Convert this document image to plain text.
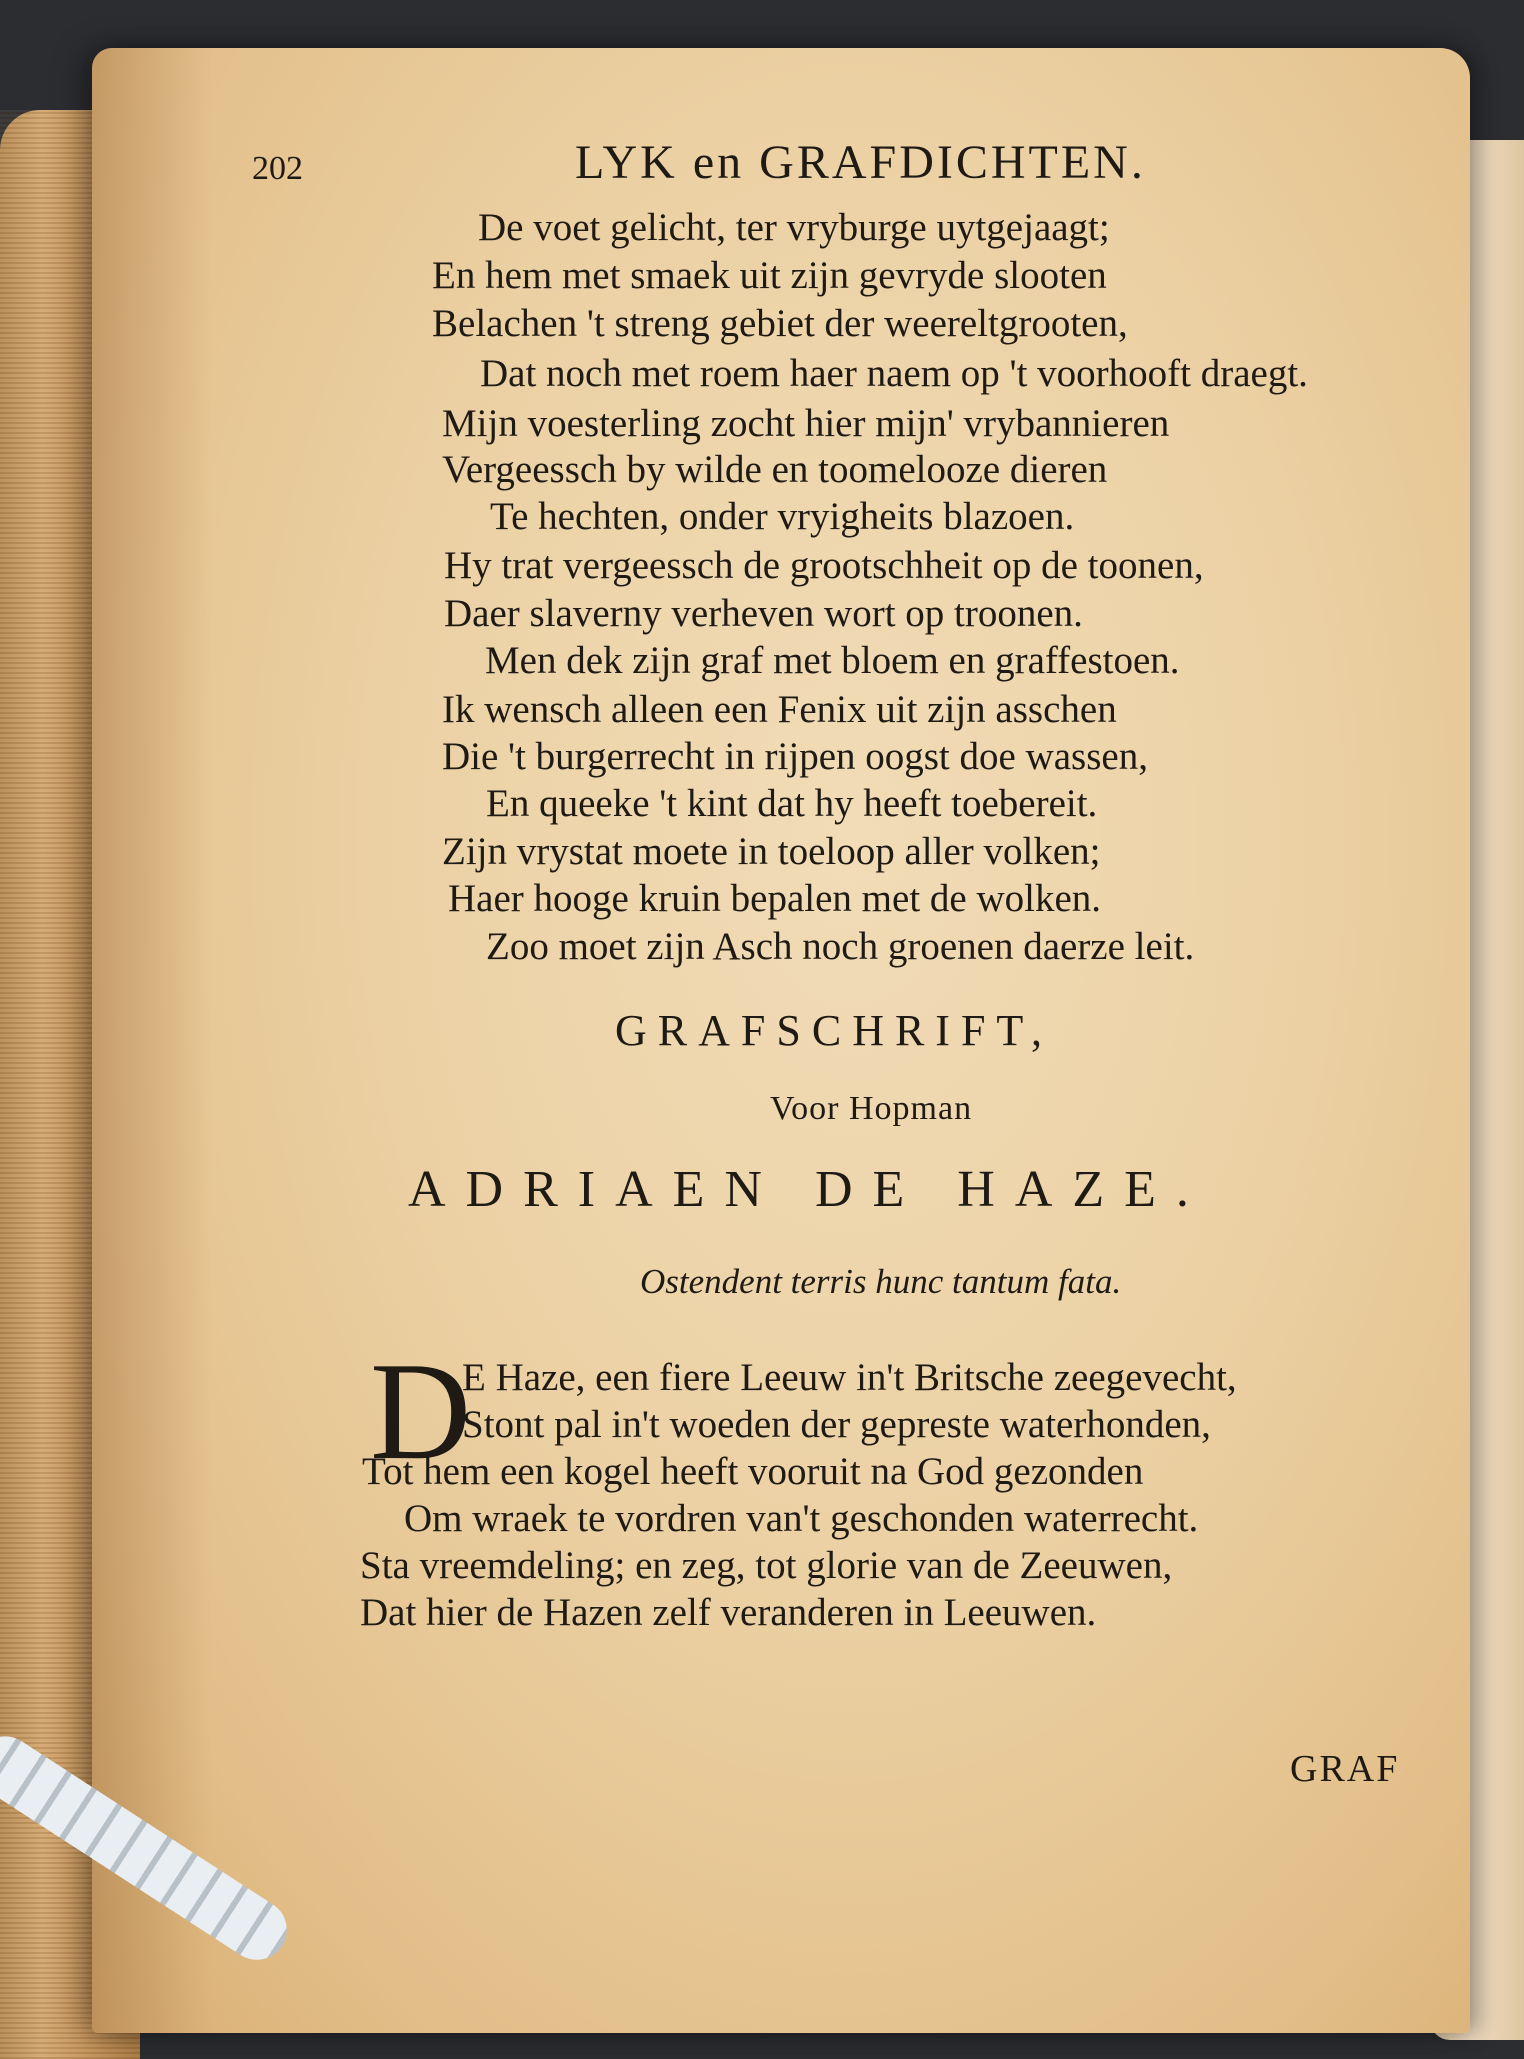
202	LYK en GRAFDICHTEN.
De voet gelicht, ter vryburge uytgejaagt;
En hem met smaek uit zijn gevryde slooten
Belachen 't streng gebiet der weereltgrooten,
Dat noch met roem haer naem op 't voorhooft draegt.
Mijn voesterling zocht hier mijn' vrybannieren
Vergeessch by wilde en toomelooze dieren
Te hechten, onder vryigheits blazoen.
Hy trat vergeessch de grootschheit op de toonen,
Daer slaverny verheven wort op troonen.
Men dek zijn graf met bloem en graffestoen.
Ik wensch alleen een Fenix uit zijn asschen
Die 't burgerrecht in rijpen oogst doe wassen,
En queeke 't kint dat hy heeft toebereit.
Zijn vrystat moete in toeloop aller volken;
Haer hooge kruin bepalen met de wolken.
Zoo moet zijn Asch noch groenen daerze leit.
GRAFSCHRIFT,
Voor Hopman
ADRIAEN DE HAZE.
Ostendent terris hunc tantum fata.
D
E Haze, een fiere Leeuw in't Britsche zeegevecht,
Stont pal in't woeden der gepreste waterhonden,
Tot hem een kogel heeft vooruit na God gezonden
Om wraek te vordren van't geschonden waterrecht.
Sta vreemdeling; en zeg, tot glorie van de Zeeuwen,
Dat hier de Hazen zelf veranderen in Leeuwen.
GRAF
